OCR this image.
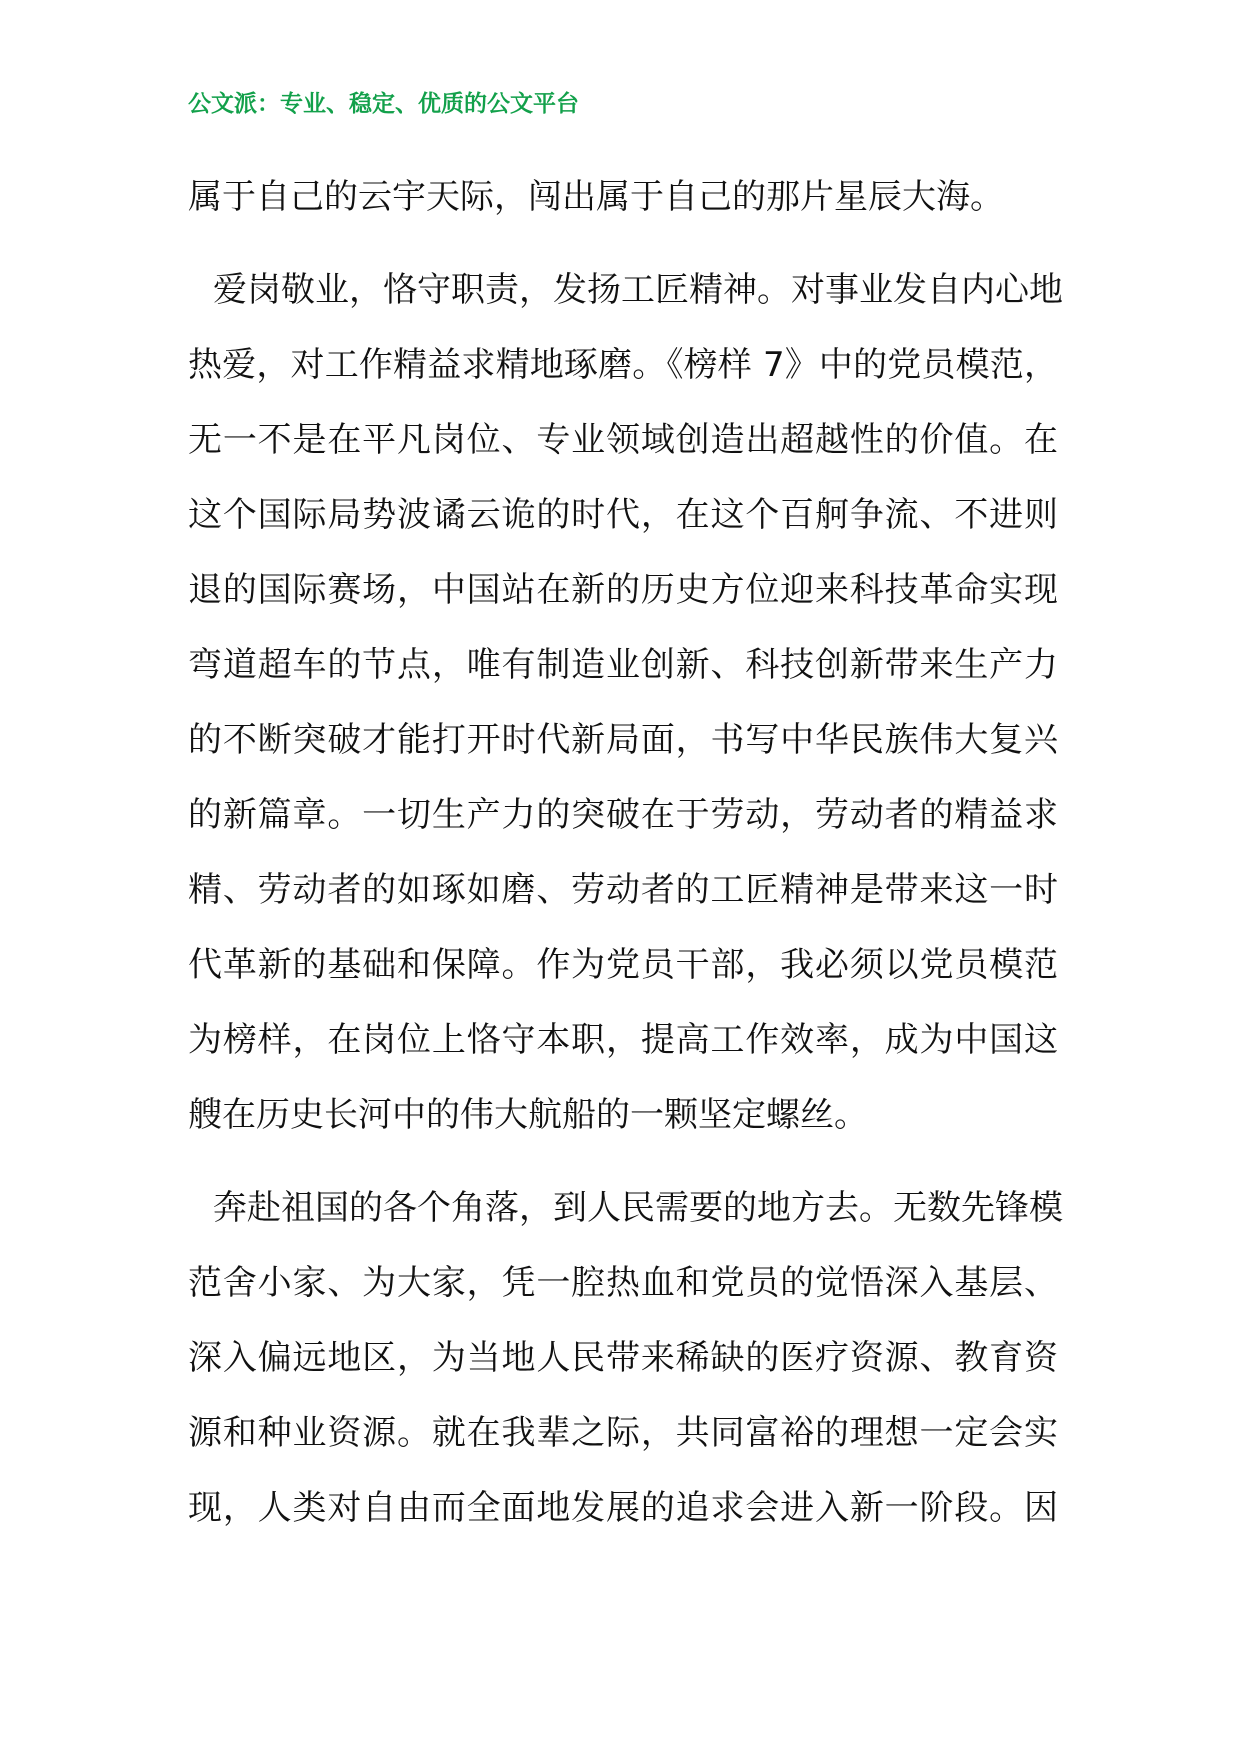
公文派：专业、稳定、优质的公文平台
属于自己的云宇天际，闯出属于自己的那片星辰大海。
爱岗敬业，恪守职责，发扬工匠精神。对事业发自内心地
热爱，对工作精益求精地琢磨。《榜样 7》中的党员模范，
无一不是在平凡岗位、专业领域创造出超越性的价值。在
这个国际局势波谲云诡的时代，在这个百舸争流、不进则
退的国际赛场，中国站在新的历史方位迎来科技革命实现
弯道超车的节点，唯有制造业创新、科技创新带来生产力
的不断突破才能打开时代新局面，书写中华民族伟大复兴
的新篇章。一切生产力的突破在于劳动，劳动者的精益求
精、劳动者的如琢如磨、劳动者的工匠精神是带来这一时
代革新的基础和保障。作为党员干部，我必须以党员模范
为榜样，在岗位上恪守本职，提高工作效率，成为中国这
艘在历史长河中的伟大航船的一颗坚定螺丝。
奔赴祖国的各个角落，到人民需要的地方去。无数先锋模
范舍小家、为大家，凭一腔热血和党员的觉悟深入基层、
深入偏远地区，为当地人民带来稀缺的医疗资源、教育资
源和种业资源。就在我辈之际，共同富裕的理想一定会实
现，人类对自由而全面地发展的追求会进入新一阶段。因
